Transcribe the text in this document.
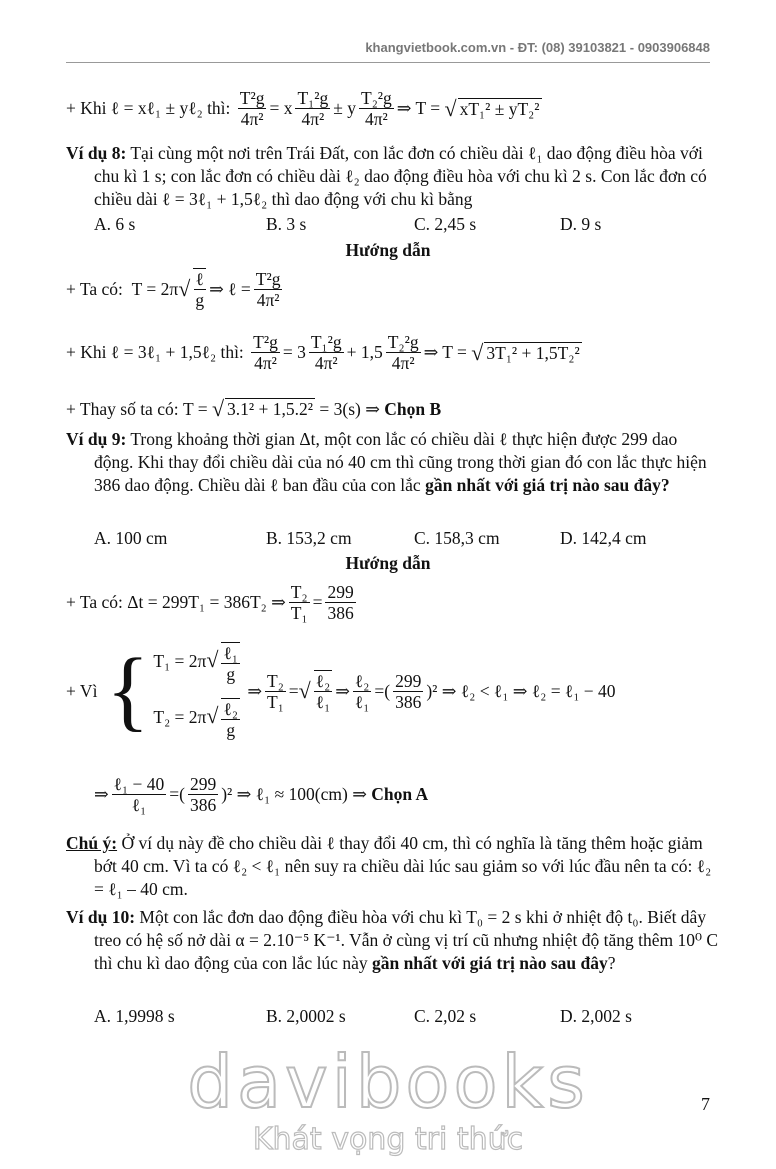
khangvietbook.com.vn - ĐT: (08) 39103821 - 0903906848
+ Khi ℓ = xℓ₁ ± yℓ₂ thì:
$\frac{\text{T²g}}{\text{4π²}} = x \frac{\text{T₁²g}}{\text{4π²}} \pm y \frac{\text{T₂²g}}{\text{4π²}}$ ⇒ T = √ xT₁² ± yT₂²
Ví dụ 8: Tại cùng một nơi trên Trái Đất, con lắc đơn có chiều dài ℓ₁ dao động điều hòa với chu kì 1 s; con lắc đơn có chiều dài ℓ₂ dao động điều hòa với chu kì 2 s. Con lắc đơn có chiều dài ℓ = 3ℓ₁ + 1,5ℓ₂ thì dao động với chu kì bằng
A. 6 s	B. 3 s	C. 2,45 s	D. 9 s
Hướng dẫn
+ Ta có: T = 2π √ $\frac{\text{ℓ}}{g}$ ⇒ ℓ = $\frac{\text{T²g}}{\text{4π²}}$
+ Khi ℓ = 3ℓ₁ + 1,5ℓ₂ thì:
$\frac{\text{T²g}}{\text{4π²}} = 3 \frac{\text{T₁²g}}{\text{4π²}} + 1,5 \frac{\text{T₂²g}}{\text{4π²}}$ ⇒ T = √ 3T₁² + 1,5T₂²
+ Thay số ta có: T = √ 3.1² + 1,5.2² = 3(s) ⇒ Chọn B
Ví dụ 9: Trong khoảng thời gian Δt, một con lắc có chiều dài ℓ thực hiện được 299 dao động. Khi thay đổi chiều dài của nó 40 cm thì cũng trong thời gian đó con lắc thực hiện 386 dao động. Chiều dài ℓ ban đầu của con lắc gần nhất với giá trị nào sau đây?
A. 100 cm	B. 153,2 cm	C. 158,3 cm	D. 142,4 cm
Hướng dẫn
+ Ta có: Δt = 299T₁ = 386T₂ ⇒ $\frac{\text{T₂}}{\text{T₁}} = \frac{299}{386}$
+ Vì
{ $T_1 = 2\pi√ \frac{\text{ℓ₁}}{g}$
$T_2 = 2\pi√ \frac{\text{ℓ₂}}{g}$
⇒ $\frac{\text{T₂}}{\text{T₁}}$ = √ $\frac{\text{ℓ₂}}{\text{ℓ₁}}$ ⇒ $\frac{\text{ℓ₂}}{\text{ℓ₁}}$ =( $\frac{299}{386} )^2$ ⇒ ℓ₂ < ℓ₁ ⇒ ℓ₂ = ℓ₁ − 40
⇒ $\frac{\text{ℓ₁ − 40}}{\text{ℓ₁}}$ =( $\frac{299}{386} )^2$ ⇒ ℓ₁ ≈ 100(cm) ⇒ Chọn A
Chú ý: Ở ví dụ này đề cho chiều dài ℓ thay đổi 40 cm, thì có nghĩa là tăng thêm hoặc giảm bớt 40 cm. Vì ta có ℓ₂ < ℓ₁ nên suy ra chiều dài lúc sau giảm so với lúc đầu nên ta có: ℓ₂ = ℓ₁ – 40 cm.
Ví dụ 10: Một con lắc đơn dao động điều hòa với chu kì T₀ = 2 s khi ở nhiệt độ t₀. Biết dây treo có hệ số nở dài α = 2.10⁻⁵ K⁻¹. Vẫn ở cùng vị trí cũ nhưng nhiệt độ tăng thêm 10⁰ C thì chu kì dao động của con lắc lúc này gần nhất với giá trị nào sau đây?
A. 1,9998 s	B. 2,0002 s	C. 2,02 s	D. 2,002 s
davibooks
Khát vọng tri thức
7
